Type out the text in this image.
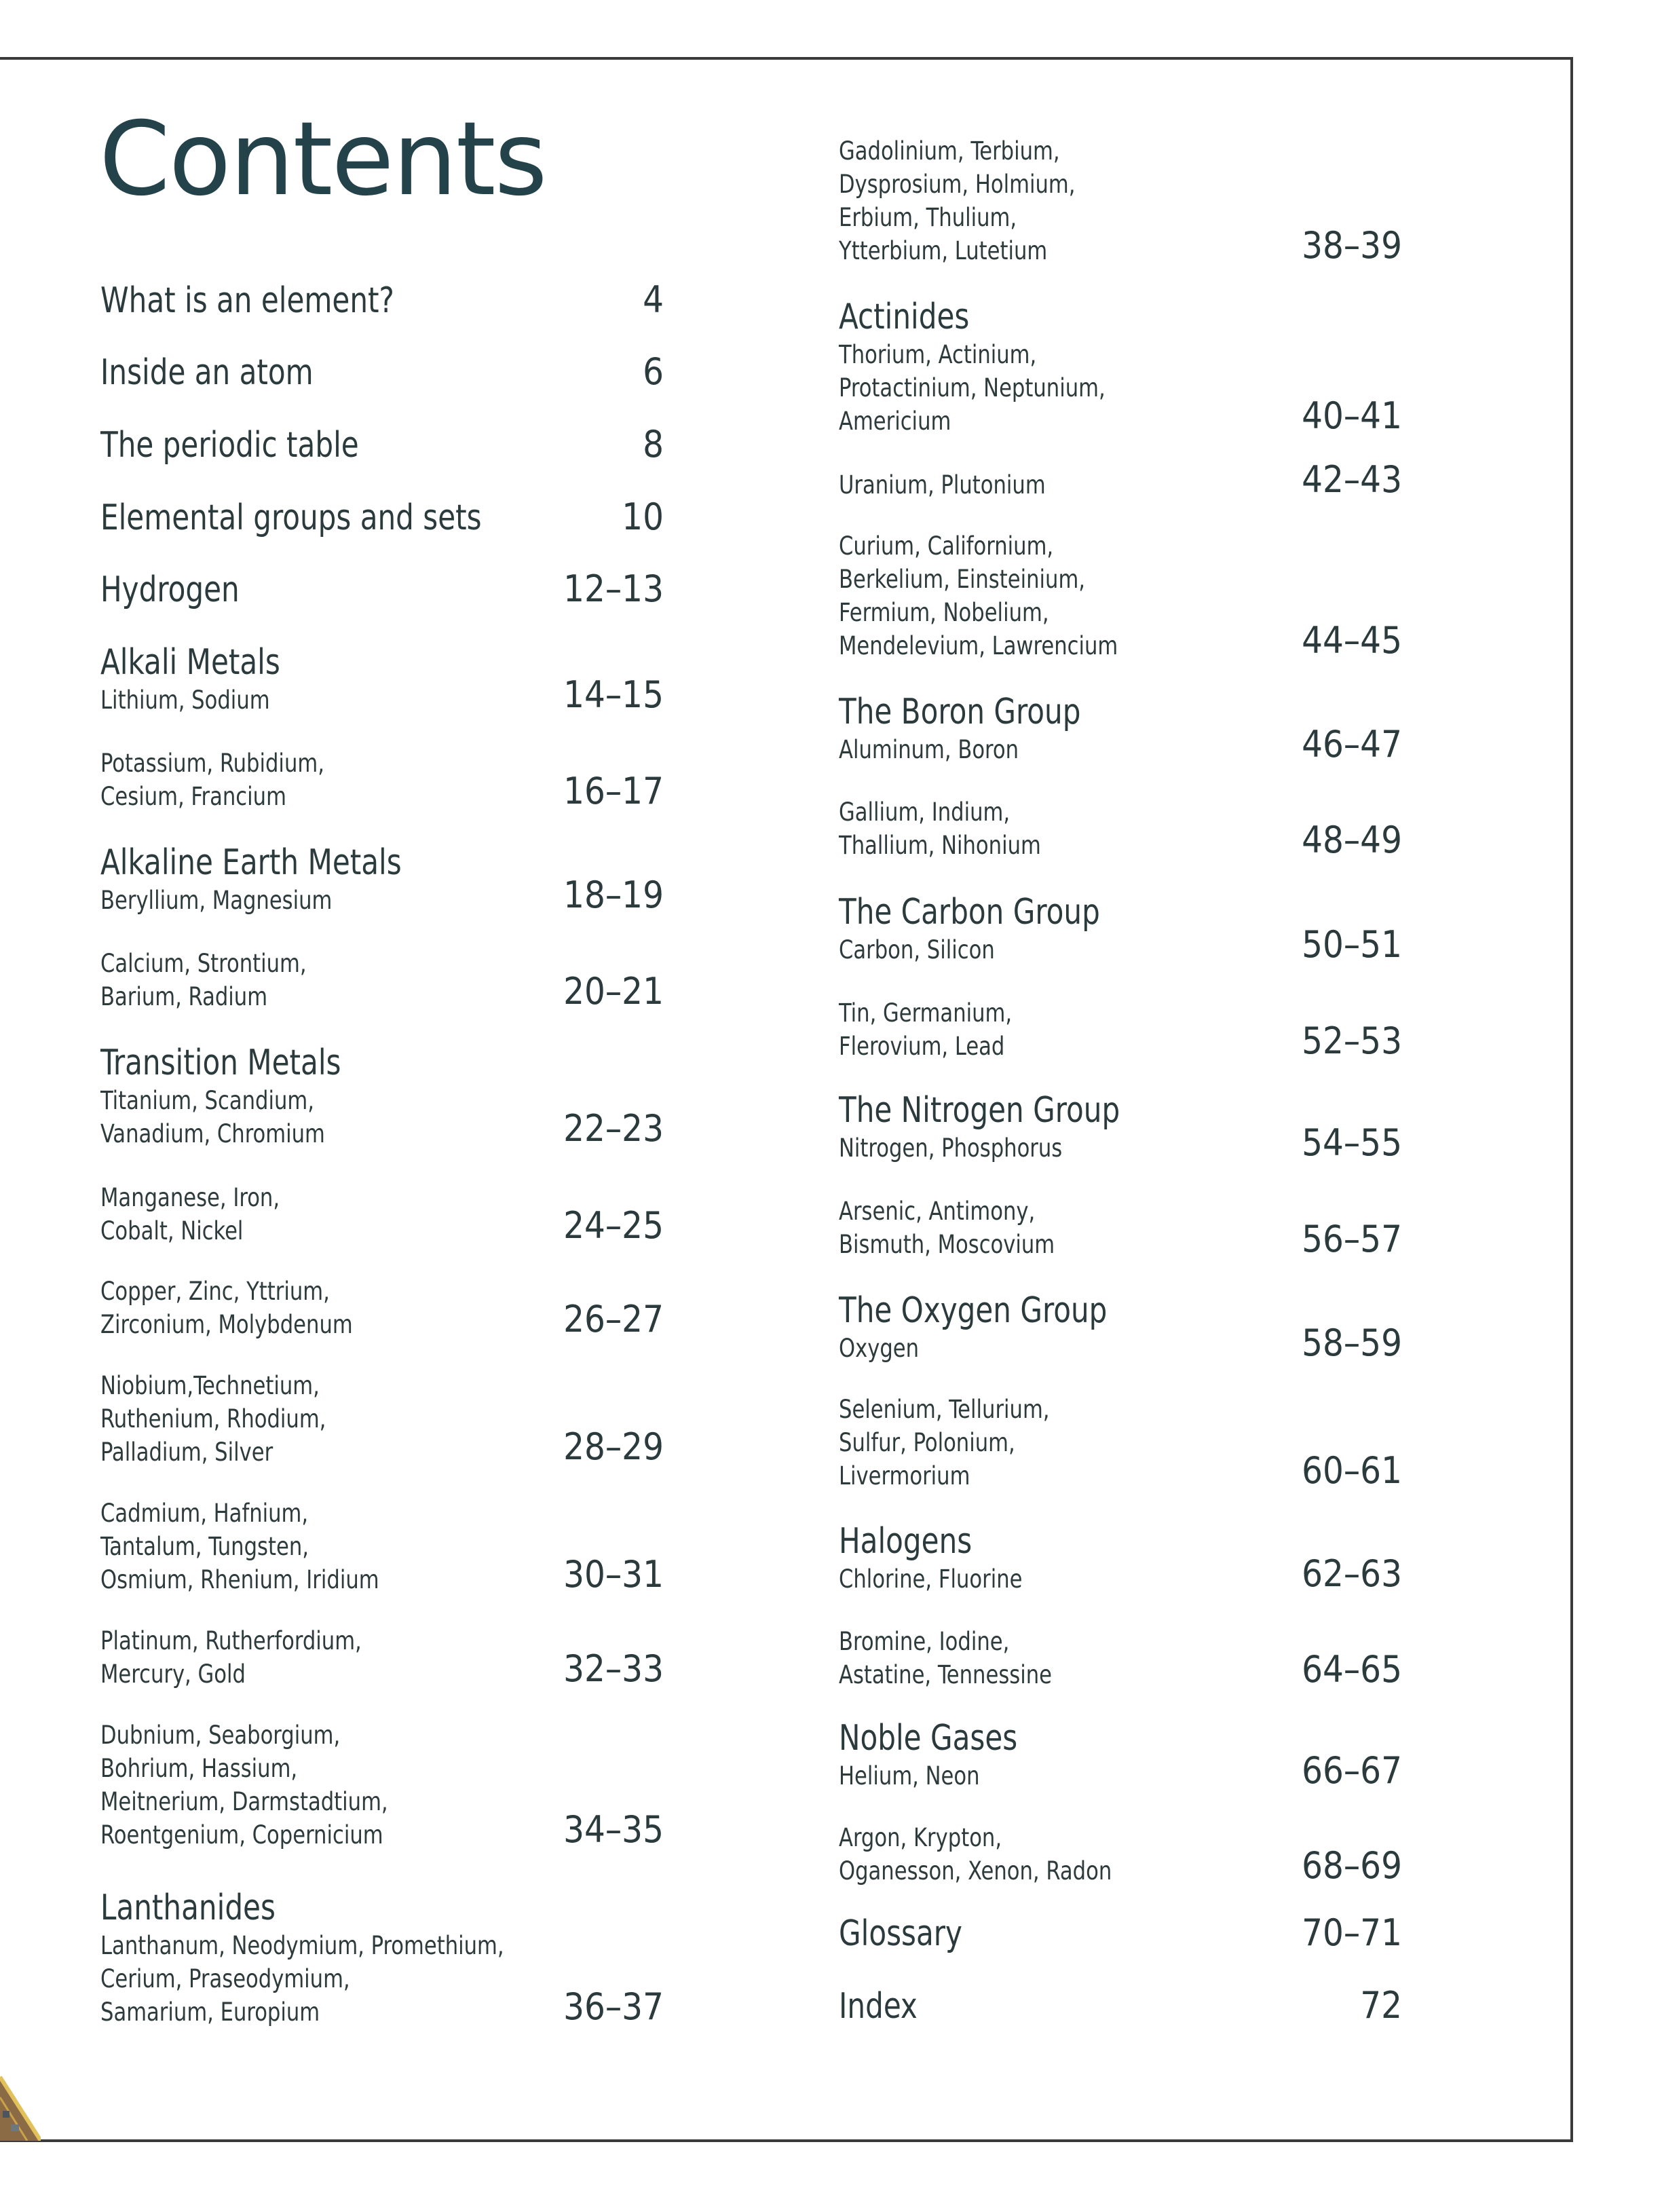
Contents
What is an element?	4
Inside an atom	6
The periodic table	8
Elemental groups and sets	10
Hydrogen	12–13
Alkali Metals
Lithium, Sodium	14–15
Potassium, Rubidium,
Cesium, Francium	16–17
Alkaline Earth Metals
Beryllium, Magnesium	18–19
Calcium, Strontium,
Barium, Radium	20–21
Transition Metals
Titanium, Scandium,
Vanadium, Chromium	22–23
Manganese, Iron,
Cobalt, Nickel	24–25
Copper, Zinc, Yttrium,
Zirconium, Molybdenum	26–27
Niobium,Technetium,
Ruthenium, Rhodium,
Palladium, Silver	28–29
Cadmium, Hafnium,
Tantalum, Tungsten,
Osmium, Rhenium, Iridium	30–31
Platinum, Rutherfordium,
Mercury, Gold	32–33
Dubnium, Seaborgium,
Bohrium, Hassium,
Meitnerium, Darmstadtium,
Roentgenium, Copernicium	34–35
Lanthanides
Lanthanum, Neodymium, Promethium,
Cerium, Praseodymium,
Samarium, Europium	36–37
Gadolinium, Terbium,
Dysprosium, Holmium,
Erbium, Thulium,
Ytterbium, Lutetium	38–39
Actinides
Thorium, Actinium,
Protactinium, Neptunium,
Americium	40–41
Uranium, Plutonium	42–43
Curium, Californium,
Berkelium, Einsteinium,
Fermium, Nobelium,
Mendelevium, Lawrencium	44–45
The Boron Group
Aluminum, Boron	46–47
Gallium, Indium,
Thallium, Nihonium	48–49
The Carbon Group
Carbon, Silicon	50–51
Tin, Germanium,
Flerovium, Lead	52–53
The Nitrogen Group
Nitrogen, Phosphorus	54–55
Arsenic, Antimony,
Bismuth, Moscovium	56–57
The Oxygen Group
Oxygen	58–59
Selenium, Tellurium,
Sulfur, Polonium,
Livermorium	60–61
Halogens
Chlorine, Fluorine	62–63
Bromine, Iodine,
Astatine, Tennessine	64–65
Noble Gases
Helium, Neon	66–67
Argon, Krypton,
Oganesson, Xenon, Radon	68–69
Glossary	70–71
Index	72
